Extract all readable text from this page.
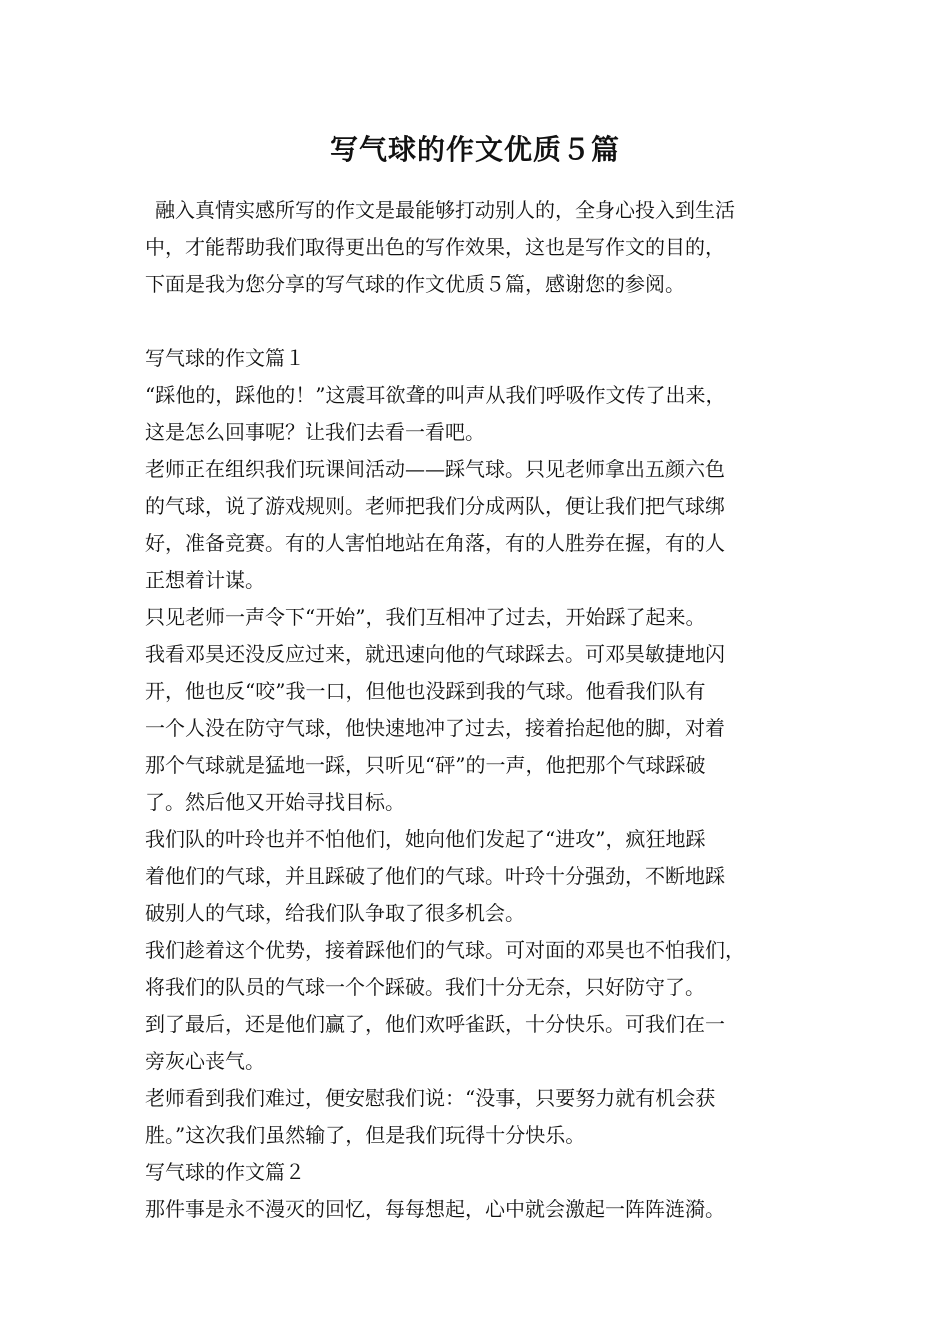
写气球的作文优质５篇

融入真情实感所写的作文是最能够打动别人的，全身心投入到生活

中，才能帮助我们取得更出色的写作效果，这也是写作文的目的，

下面是我为您分享的写气球的作文优质５篇，感谢您的参阅。

写气球的作文篇１

“踩他的，踩他的！”这震耳欲聋的叫声从我们呼吸作文传了出来，

这是怎么回事呢？让我们去看一看吧。

老师正在组织我们玩课间活动——踩气球。只见老师拿出五颜六色

的气球，说了游戏规则。老师把我们分成两队，便让我们把气球绑

好，准备竞赛。有的人害怕地站在角落，有的人胜券在握，有的人

正想着计谋。

只见老师一声令下“开始”，我们互相冲了过去，开始踩了起来。

我看邓昊还没反应过来，就迅速向他的气球踩去。可邓昊敏捷地闪

开，他也反“咬”我一口，但他也没踩到我的气球。他看我们队有

一个人没在防守气球，他快速地冲了过去，接着抬起他的脚，对着

那个气球就是猛地一踩，只听见“砰”的一声，他把那个气球踩破

了。然后他又开始寻找目标。

我们队的叶玲也并不怕他们，她向他们发起了“进攻”，疯狂地踩

着他们的气球，并且踩破了他们的气球。叶玲十分强劲，不断地踩

破别人的气球，给我们队争取了很多机会。

我们趁着这个优势，接着踩他们的气球。可对面的邓昊也不怕我们，

将我们的队员的气球一个个踩破。我们十分无奈，只好防守了。

到了最后，还是他们赢了，他们欢呼雀跃，十分快乐。可我们在一

旁灰心丧气。

老师看到我们难过，便安慰我们说：“没事，只要努力就有机会获

胜。”这次我们虽然输了，但是我们玩得十分快乐。

写气球的作文篇２

那件事是永不漫灭的回忆，每每想起，心中就会激起一阵阵涟漪。
